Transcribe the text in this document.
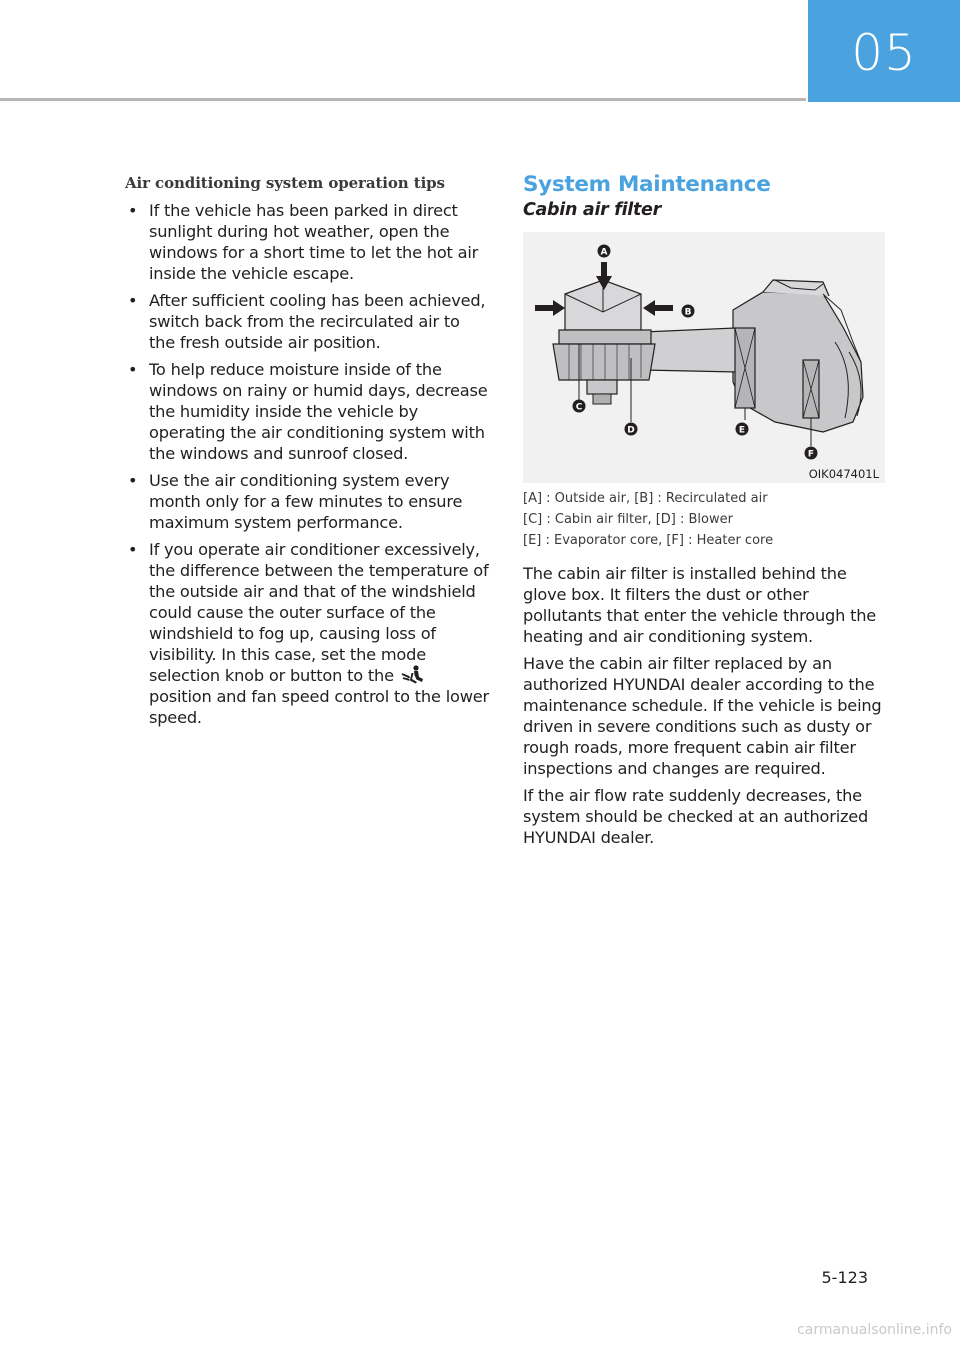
05
Air conditioning system operation tips
• If the vehicle has been parked in direct sunlight during hot weather, open the windows for a short time to let the hot air inside the vehicle escape.
• After sufficient cooling has been achieved, switch back from the recirculated air to the fresh outside air position.
• To help reduce moisture inside of the windows on rainy or humid days, decrease the humidity inside the vehicle by operating the air conditioning system with the windows and sunroof closed.
• Use the air conditioning system every month only for a few minutes to ensure maximum system performance.
• If you operate air conditioner excessively, the difference between the temperature of the outside air and that of the windshield could cause the outer surface of the windshield to fog up, causing loss of visibility. In this case, set the mode selection knob or button to the  position and fan speed control to the lower speed.
System Maintenance
Cabin air filter
A
B
C
D	E
F
OIK047401L

[A] : Outside air, [B] : Recirculated air

[C] : Cabin air filter, [D] : Blower

[E] : Evaporator core, [F] : Heater core

The cabin air filter is installed behind the glove box. It filters the dust or other pollutants that enter the vehicle through the heating and air conditioning system.

Have the cabin air filter replaced by an authorized HYUNDAI dealer according to the maintenance schedule. If the vehicle is being driven in severe conditions such as dusty or rough roads, more frequent cabin air filter inspections and changes are required.

If the air flow rate suddenly decreases, the system should be checked at an authorized HYUNDAI dealer.

5-123
carmanualsonline.info
